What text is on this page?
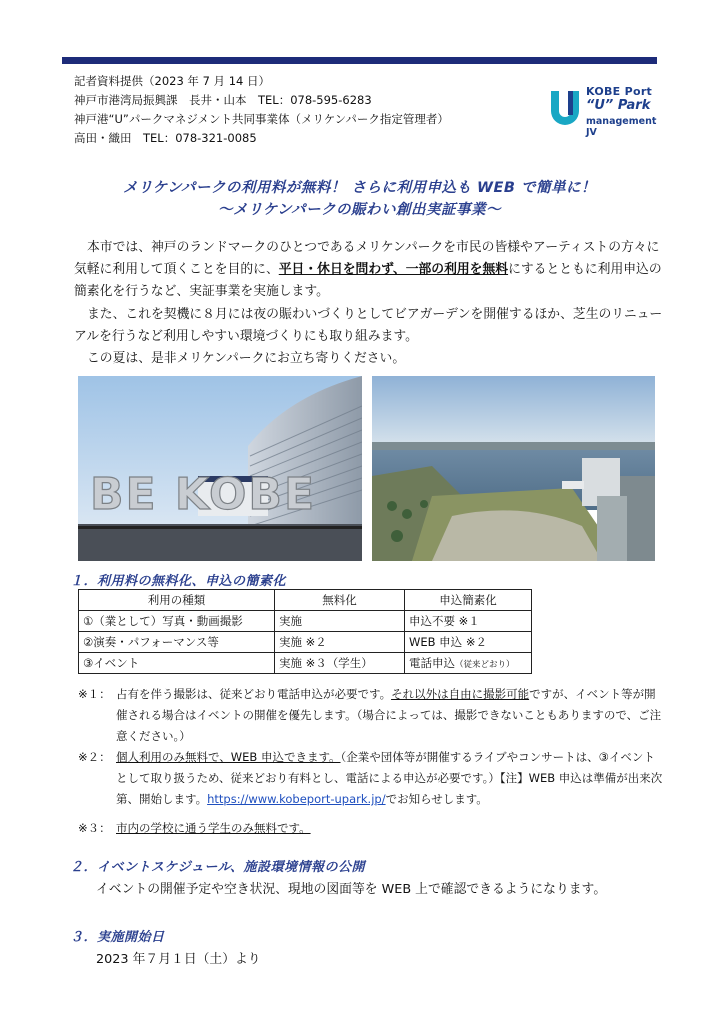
記者資料提供（2023 年 7 月 14 日）
神戸市港湾局振興課　長井・山本　TEL：078-595-6283
神戸港“U”パークマネジメント共同事業体（メリケンパーク指定管理者）
高田・織田　TEL：078-321-0085
KOBE Port
“U” Park
management JV
メリケンパークの利用料が無料！ さらに利用申込も WEB で簡単に！
～メリケンパークの賑わい創出実証事業～
本市では、神戸のランドマークのひとつであるメリケンパークを市民の皆様やアーティストの方々に気軽に利用して頂くことを目的に、平日・休日を問わず、一部の利用を無料にするとともに利用申込の簡素化を行うなど、実証事業を実施します。
また、これを契機に８月には夜の賑わいづくりとしてビアガーデンを開催するほか、芝生のリニューアルを行うなど利用しやすい環境づくりにも取り組みます。
この夏は、是非メリケンパークにお立ち寄りください。
BE KOBE
１．利用料の無料化、申込の簡素化
利用の種類	無料化	申込簡素化
①（業として）写真・動画撮影	実施	申込不要 ※１
②演奏・パフォーマンス等	実施 ※２	WEB 申込 ※２
③イベント	実施 ※３（学生）	電話申込（従来どおり）
※１： 占有を伴う撮影は、従来どおり電話申込が必要です。それ以外は自由に撮影可能ですが、イベント等が開催される場合はイベントの開催を優先します。（場合によっては、撮影できないこともありますので、ご注意ください。）
※２： 個人利用のみ無料で、WEB 申込できます。（企業や団体等が開催するライブやコンサートは、③イベントとして取り扱うため、従来どおり有料とし、電話による申込が必要です。）【注】WEB 申込は準備が出来次第、開始します。https://www.kobeport-upark.jp/でお知らせします。
※３： 市内の学校に通う学生のみ無料です。
２．イベントスケジュール、施設環境情報の公開
イベントの開催予定や空き状況、現地の図面等を WEB 上で確認できるようになります。
３．実施開始日
2023 年７月１日（土）より
